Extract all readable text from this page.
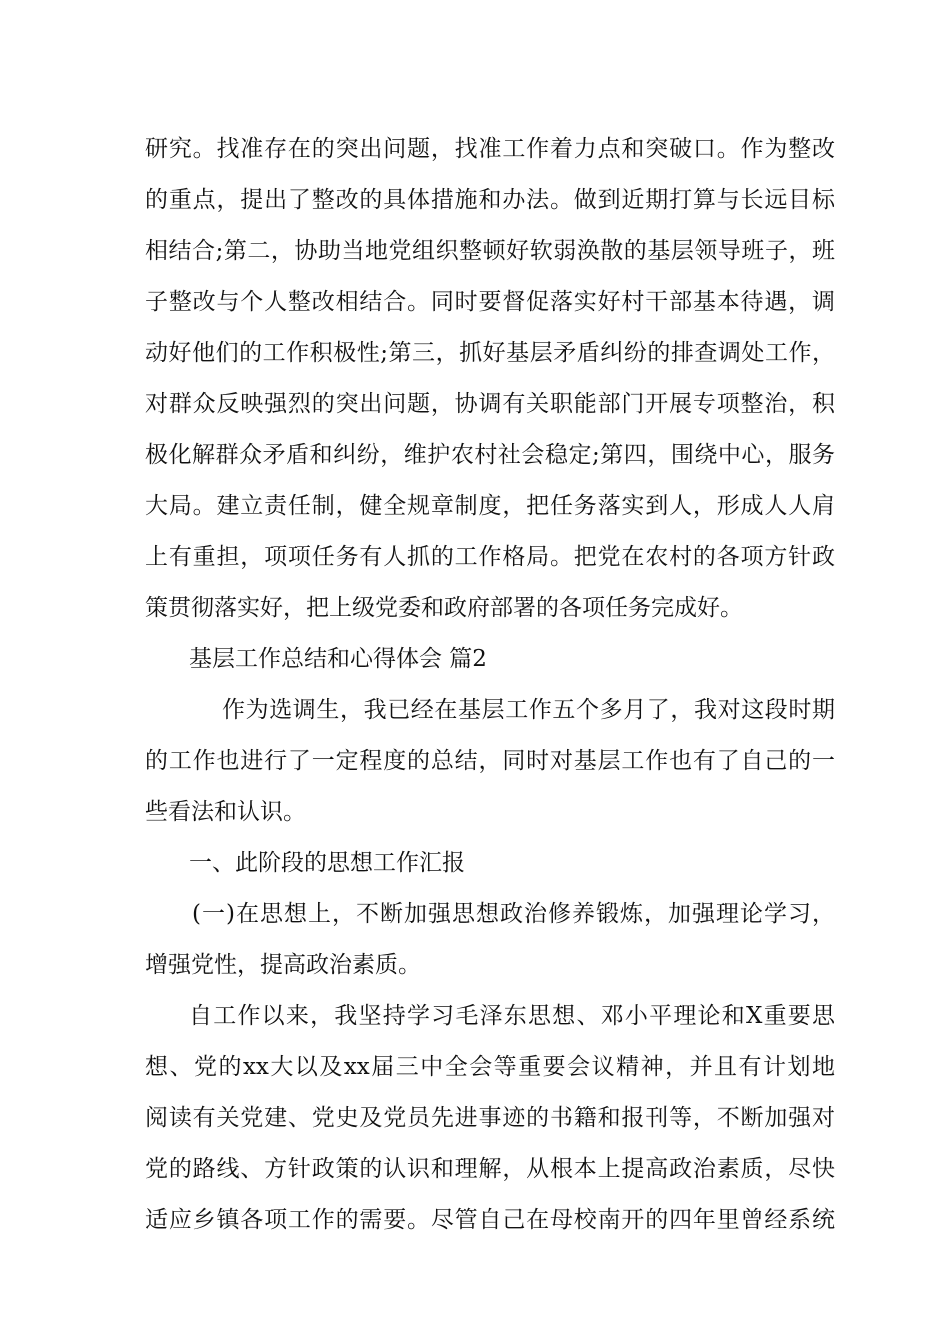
研究。找准存在的突出问题，找准工作着力点和突破口。作为整改
的重点，提出了整改的具体措施和办法。做到近期打算与长远目标
相结合;第二，协助当地党组织整顿好软弱涣散的基层领导班子，班
子整改与个人整改相结合。同时要督促落实好村干部基本待遇，调
动好他们的工作积极性;第三，抓好基层矛盾纠纷的排查调处工作，
对群众反映强烈的突出问题，协调有关职能部门开展专项整治，积
极化解群众矛盾和纠纷，维护农村社会稳定;第四，围绕中心，服务
大局。建立责任制，健全规章制度，把任务落实到人，形成人人肩
上有重担，项项任务有人抓的工作格局。把党在农村的各项方针政
策贯彻落实好，把上级党委和政府部署的各项任务完成好。
基层工作总结和心得体会 篇2
作为选调生，我已经在基层工作五个多月了，我对这段时期
的工作也进行了一定程度的总结，同时对基层工作也有了自己的一
些看法和认识。
一、此阶段的思想工作汇报
(一)在思想上，不断加强思想政治修养锻炼，加强理论学习，
增强党性，提高政治素质。
自工作以来，我坚持学习毛泽东思想、邓小平理论和X重要思
想、党的xx大以及xx届三中全会等重要会议精神，并且有计划地
阅读有关党建、党史及党员先进事迹的书籍和报刊等，不断加强对
党的路线、方针政策的认识和理解，从根本上提高政治素质，尽快
适应乡镇各项工作的需要。尽管自己在母校南开的四年里曾经系统
